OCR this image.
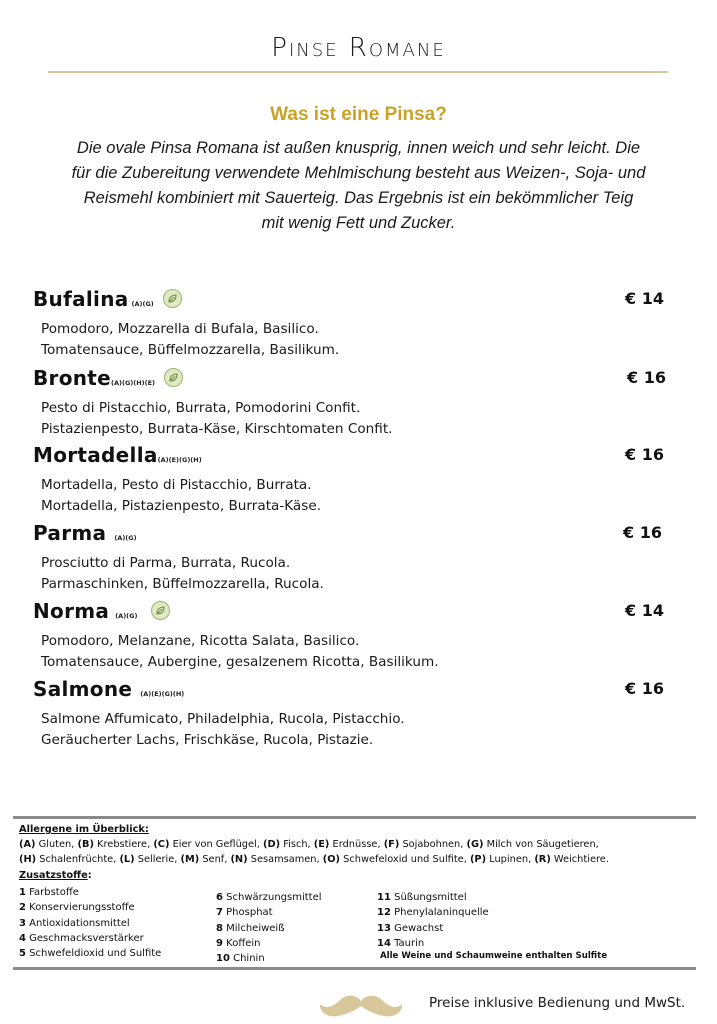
Pinse Romane
Was ist eine Pinsa?
Die ovale Pinsa Romana ist außen knusprig, innen weich und sehr leicht. Die
für die Zubereitung verwendete Mehlmischung besteht aus Weizen-, Soja- und
Reismehl kombiniert mit Sauerteig. Das Ergebnis ist ein bekömmlicher Teig
mit wenig Fett und Zucker.
Bufalina (A)(G)	€ 14
Pomodoro, Mozzarella di Bufala, Basilico.
Tomatensauce, Büffelmozzarella, Basilikum.
Bronte(A)(G)(H)(E)	€ 16
Pesto di Pistacchio, Burrata, Pomodorini Confit.
Pistazienpesto, Burrata-Käse, Kirschtomaten Confit.
Mortadella(A)(E)(G)(H)	€ 16
Mortadella, Pesto di Pistacchio, Burrata.
Mortadella, Pistazienpesto, Burrata-Käse.
Parma (A)(G)	€ 16
Prosciutto di Parma, Burrata, Rucola.
Parmaschinken, Büffelmozzarella, Rucola.
Norma (A)(G)	€ 14
Pomodoro, Melanzane, Ricotta Salata, Basilico.
Tomatensauce, Aubergine, gesalzenem Ricotta, Basilikum.
Salmone (A)(E)(G)(H)	€ 16
Salmone Affumicato, Philadelphia, Rucola, Pistacchio.
Geräucherter Lachs, Frischkäse, Rucola, Pistazie.
Allergene im Überblick:
(A) Gluten, (B) Krebstiere, (C) Eier von Geflügel, (D) Fisch, (E) Erdnüsse, (F) Sojabohnen, (G) Milch von Säugetieren,
(H) Schalenfrüchte, (L) Sellerie, (M) Senf, (N) Sesamsamen, (O) Schwefeloxid und Sulfite, (P) Lupinen, (R) Weichtiere.
Zusatzstoffe:
1 Farbstoffe
2 Konservierungsstoffe
3 Antioxidationsmittel
4 Geschmacksverstärker
5 Schwefeldioxid und Sulfite
6 Schwärzungsmittel
7 Phosphat
8 Milcheiweiß
9 Koffein
10 Chinin
11 Süßungsmittel
12 Phenylalaninquelle
13 Gewachst
14 Taurin
Alle Weine und Schaumweine enthalten Sulfite
Preise inklusive Bedienung und MwSt.
